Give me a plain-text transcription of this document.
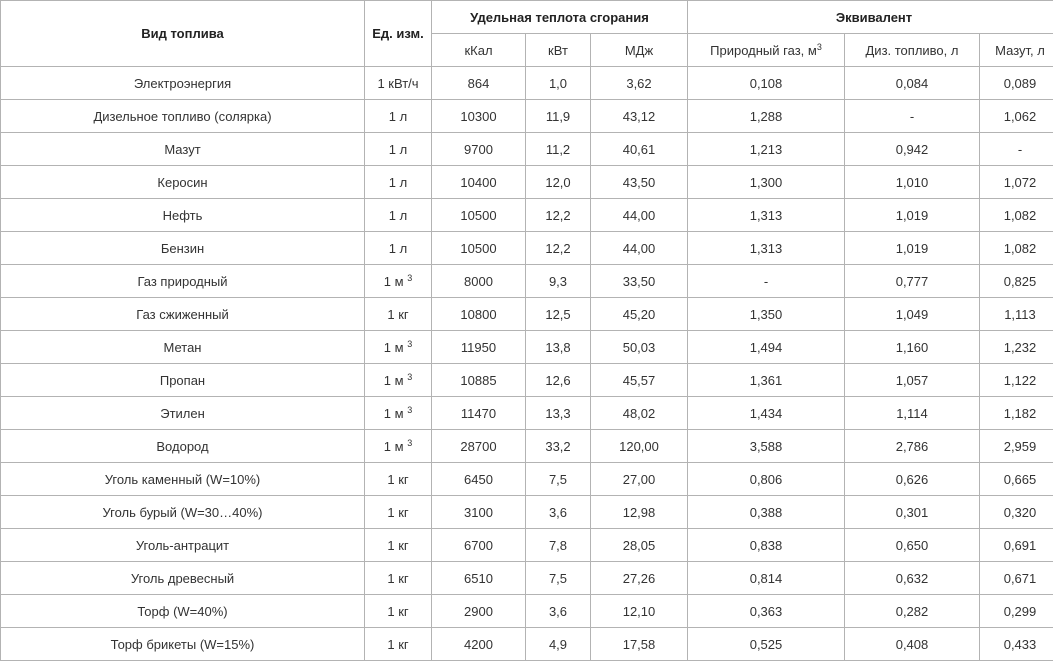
Вид топлива	Ед. изм.	Удельная теплота сгорания			Эквивалент		
		кКал	кВт	МДж	Природный газ, $м^3$	Диз. топливо, л	Мазут, л
Электроэнергия	1 кВт/ч	864	1,0	3,62	0,108	0,084	0,089
Дизельное топливо (солярка)	1 л	10300	11,9	43,12	1,288	-	1,062
Мазут	1 л	9700	11,2	40,61	1,213	0,942	-
Керосин	1 л	10400	12,0	43,50	1,300	1,010	1,072
Нефть	1 л	10500	12,2	44,00	1,313	1,019	1,082
Бензин	1 л	10500	12,2	44,00	1,313	1,019	1,082
Газ природный	1 м $^3$	8000	9,3	33,50	-	0,777	0,825
Газ сжиженный	1 кг	10800	12,5	45,20	1,350	1,049	1,113
Метан	1 м $^3$	11950	13,8	50,03	1,494	1,160	1,232
Пропан	1 м $^3$	10885	12,6	45,57	1,361	1,057	1,122
Этилен	1 м $^3$	11470	13,3	48,02	1,434	1,114	1,182
Водород	1 м $^3$	28700	33,2	120,00	3,588	2,786	2,959
Уголь каменный (W=10%)	1 кг	6450	7,5	27,00	0,806	0,626	0,665
Уголь бурый (W=30…40%)	1 кг	3100	3,6	12,98	0,388	0,301	0,320
Уголь-антрацит	1 кг	6700	7,8	28,05	0,838	0,650	0,691
Уголь древесный	1 кг	6510	7,5	27,26	0,814	0,632	0,671
Торф (W=40%)	1 кг	2900	3,6	12,10	0,363	0,282	0,299
Торф брикеты (W=15%)	1 кг	4200	4,9	17,58	0,525	0,408	0,433
